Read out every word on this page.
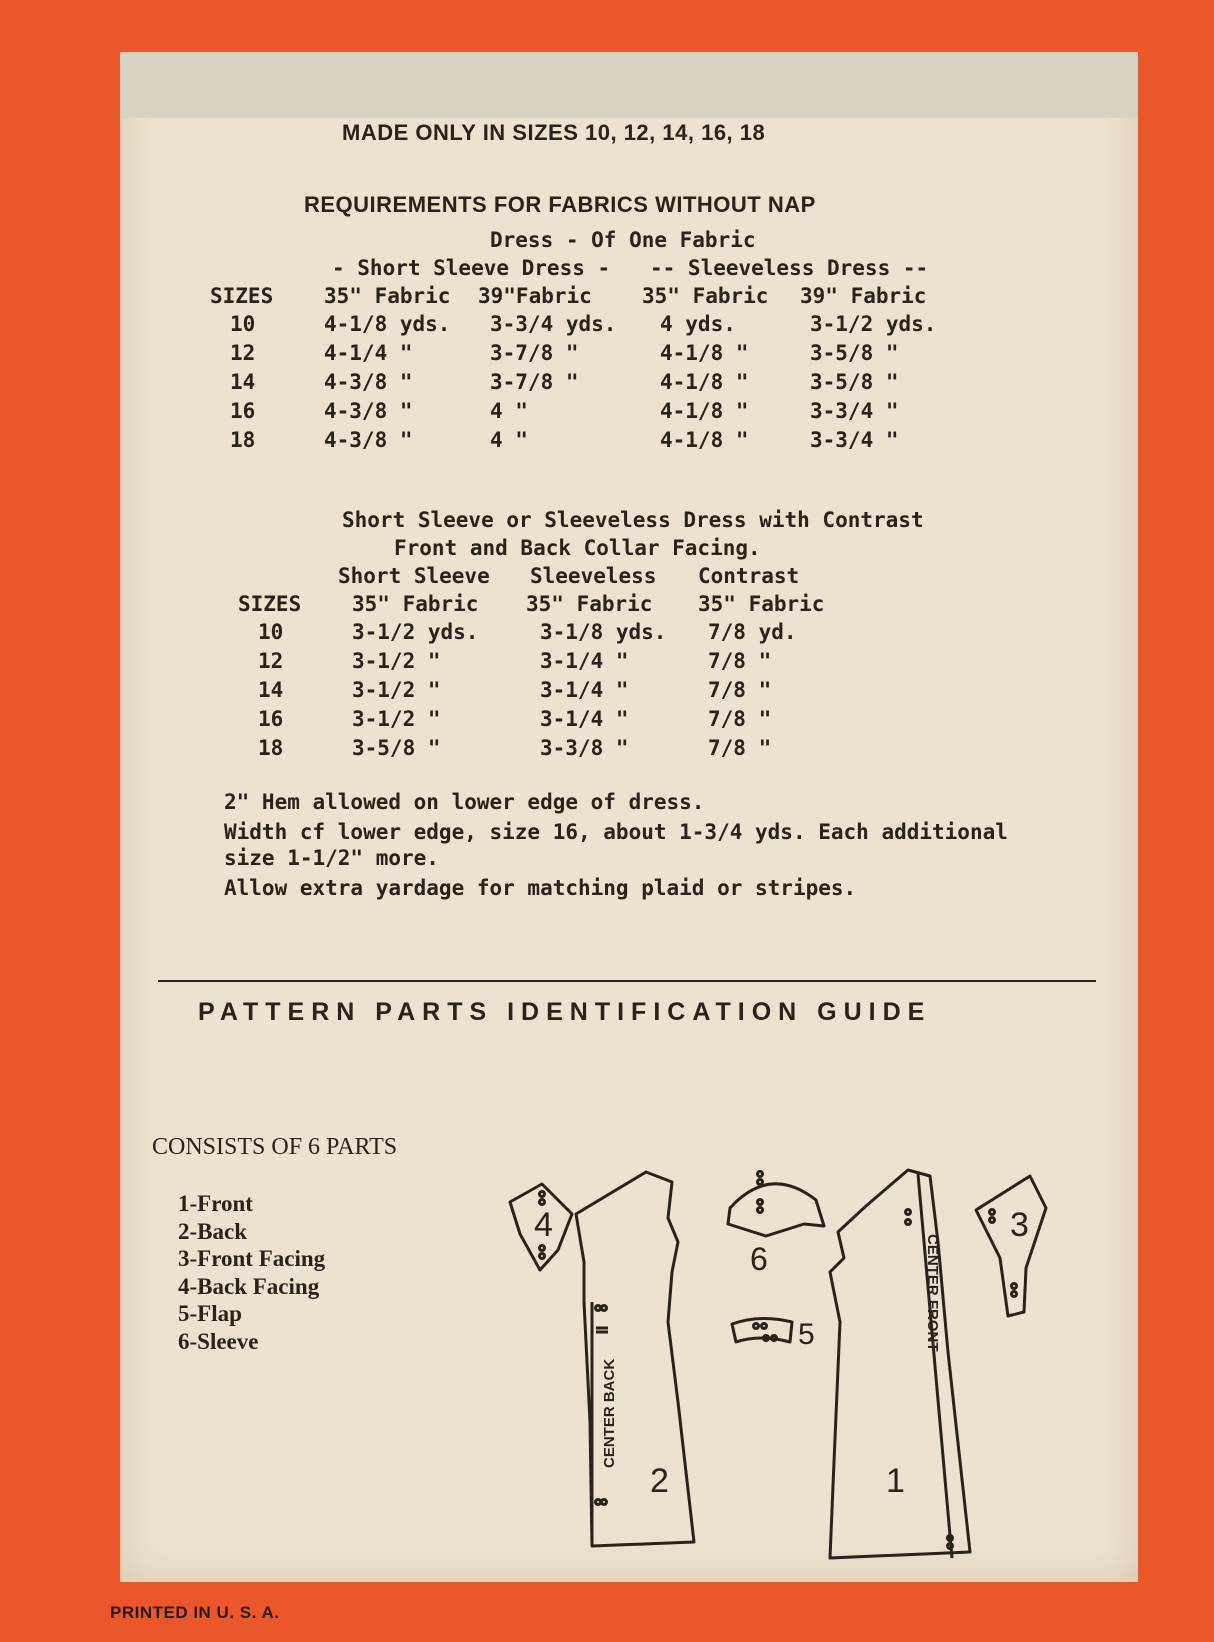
MADE ONLY IN SIZES 10, 12, 14, 16, 18
REQUIREMENTS FOR FABRICS WITHOUT NAP
Dress - Of One Fabric
- Short Sleeve Dress - -- Sleeveless Dress --
SIZES 35" Fabric 39"Fabric 35" Fabric 39" Fabric
10	4-1/8 yds. 3-3/4 yds. 4 yds.	3-1/2 yds.
12	4-1/4 "	3-7/8 "	4-1/8 "	3-5/8 "
14	4-3/8 "	3-7/8 "	4-1/8 "	3-5/8 "
16	4-3/8 "	4 "	4-1/8 "	3-3/4 "
18	4-3/8 "	4 "	4-1/8 "	3-3/4 "
Short Sleeve or Sleeveless Dress with Contrast
Front and Back Collar Facing.
Short Sleeve Sleeveless Contrast
SIZES 35" Fabric 35" Fabric 35" Fabric
10	3-1/2 yds.	3-1/8 yds. 7/8 yd.
12	3-1/2 "	3-1/4 "	7/8 "
14	3-1/2 "	3-1/4 "	7/8 "
16	3-1/2 "	3-1/4 "	7/8 "
18	3-5/8 "	3-3/8 "	7/8 "
2" Hem allowed on lower edge of dress.
Width cf lower edge, size 16, about 1-3/4 yds. Each additional
size 1-1/2" more.
Allow extra yardage for matching plaid or stripes.
PATTERN PARTS IDENTIFICATION GUIDE
CONSISTS OF 6 PARTS
1-Front
2-Back
3-Front Facing
4-Back Facing
5-Flap
6-Sleeve
4
CENTER BACK
2
6
5	CENTER FRONT
1
3
PRINTED IN U. S. A.
